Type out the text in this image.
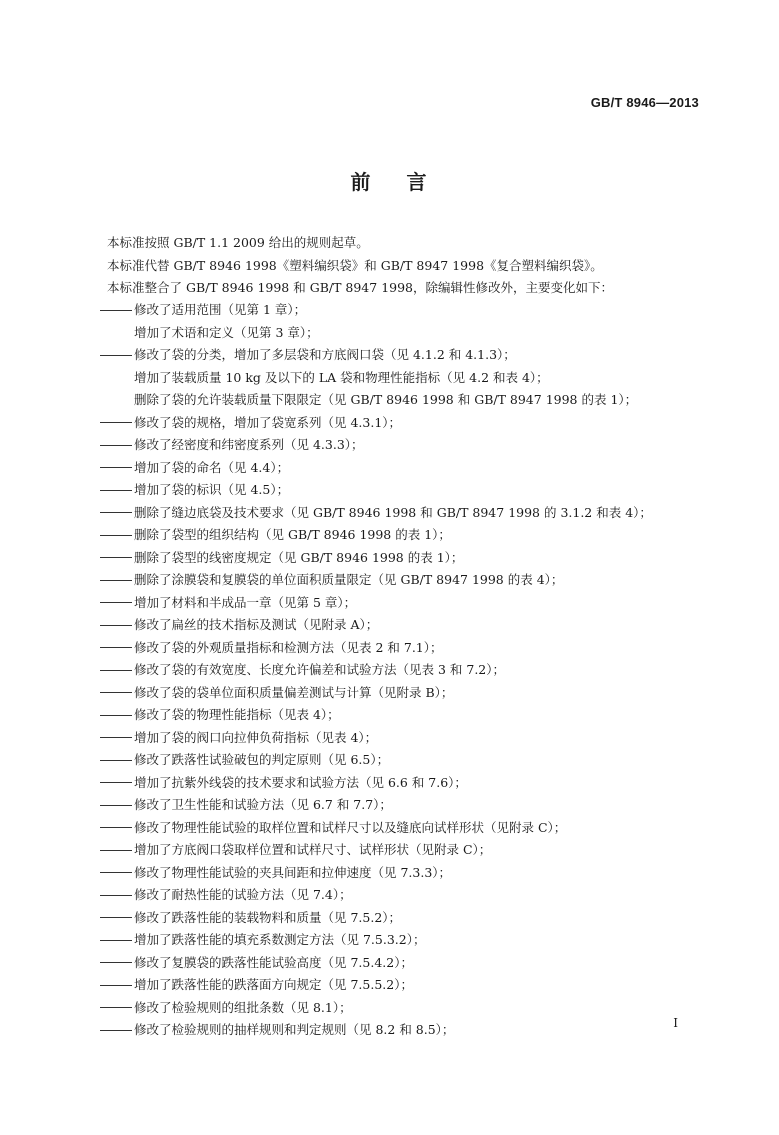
GB/T 8946—2013
前 言
本标准按照 GB/T 1.1 2009 给出的规则起草。
本标准代替 GB/T 8946 1998《塑料编织袋》和 GB/T 8947 1998《复合塑料编织袋》。
本标准整合了 GB/T 8946 1998 和 GB/T 8947 1998，除编辑性修改外，主要变化如下：
修改了适用范围（见第 1 章）；
增加了术语和定义（见第 3 章）；
修改了袋的分类，增加了多层袋和方底阀口袋（见 4.1.2 和 4.1.3）；
增加了装载质量 10 kg 及以下的 LA 袋和物理性能指标（见 4.2 和表 4）；
删除了袋的允许装载质量下限限定（见 GB/T 8946 1998 和 GB/T 8947 1998 的表 1）；
修改了袋的规格，增加了袋宽系列（见 4.3.1）；
修改了经密度和纬密度系列（见 4.3.3）；
增加了袋的命名（见 4.4）；
增加了袋的标识（见 4.5）；
删除了缝边底袋及技术要求（见 GB/T 8946 1998 和 GB/T 8947 1998 的 3.1.2 和表 4）；
删除了袋型的组织结构（见 GB/T 8946 1998 的表 1）；
删除了袋型的线密度规定（见 GB/T 8946 1998 的表 1）；
删除了涂膜袋和复膜袋的单位面积质量限定（见 GB/T 8947 1998 的表 4）；
增加了材料和半成品一章（见第 5 章）；
修改了扁丝的技术指标及测试（见附录 A）；
修改了袋的外观质量指标和检测方法（见表 2 和 7.1）；
修改了袋的有效宽度、长度允许偏差和试验方法（见表 3 和 7.2）；
修改了袋的袋单位面积质量偏差测试与计算（见附录 B）；
修改了袋的物理性能指标（见表 4）；
增加了袋的阀口向拉伸负荷指标（见表 4）；
修改了跌落性试验破包的判定原则（见 6.5）；
增加了抗紫外线袋的技术要求和试验方法（见 6.6 和 7.6）；
修改了卫生性能和试验方法（见 6.7 和 7.7）；
修改了物理性能试验的取样位置和试样尺寸以及缝底向试样形状（见附录 C）；
增加了方底阀口袋取样位置和试样尺寸、试样形状（见附录 C）；
修改了物理性能试验的夹具间距和拉伸速度（见 7.3.3）；
修改了耐热性能的试验方法（见 7.4）；
修改了跌落性能的装载物料和质量（见 7.5.2）；
增加了跌落性能的填充系数测定方法（见 7.5.3.2）；
修改了复膜袋的跌落性能试验高度（见 7.5.4.2）；
增加了跌落性能的跌落面方向规定（见 7.5.5.2）；
修改了检验规则的组批条数（见 8.1）；
修改了检验规则的抽样规则和判定规则（见 8.2 和 8.5）；	I
